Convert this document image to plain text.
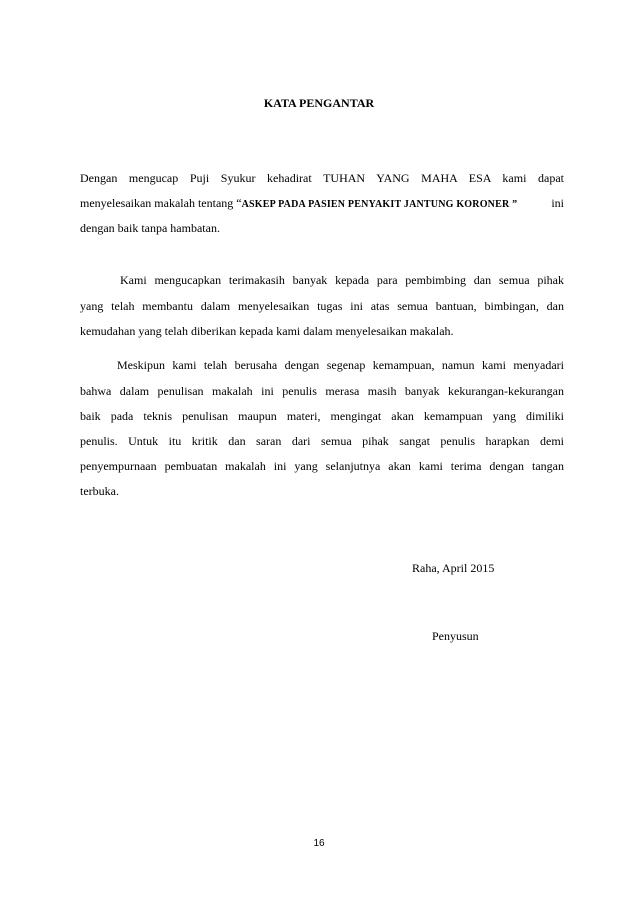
KATA PENGANTAR
Dengan mengucap Puji Syukur kehadirat TUHAN YANG MAHA ESA kami dapat
menyelesaikan makalah tentang “ASKEP PADA PASIEN PENYAKIT JANTUNG KORONER ”	ini
dengan baik tanpa hambatan.
Kami mengucapkan terimakasih banyak kepada para pembimbing dan semua pihak
yang telah membantu dalam menyelesaikan tugas ini atas semua bantuan, bimbingan, dan
kemudahan yang telah diberikan kepada kami dalam menyelesaikan makalah.
Meskipun kami telah berusaha dengan segenap kemampuan, namun kami menyadari
bahwa dalam penulisan makalah ini penulis merasa masih banyak kekurangan-kekurangan
baik pada teknis penulisan maupun materi, mengingat akan kemampuan yang dimiliki
penulis. Untuk itu kritik dan saran dari semua pihak sangat penulis harapkan demi
penyempurnaan pembuatan makalah ini yang selanjutnya akan kami terima dengan tangan
terbuka.
Raha, April 2015
Penyusun
16
